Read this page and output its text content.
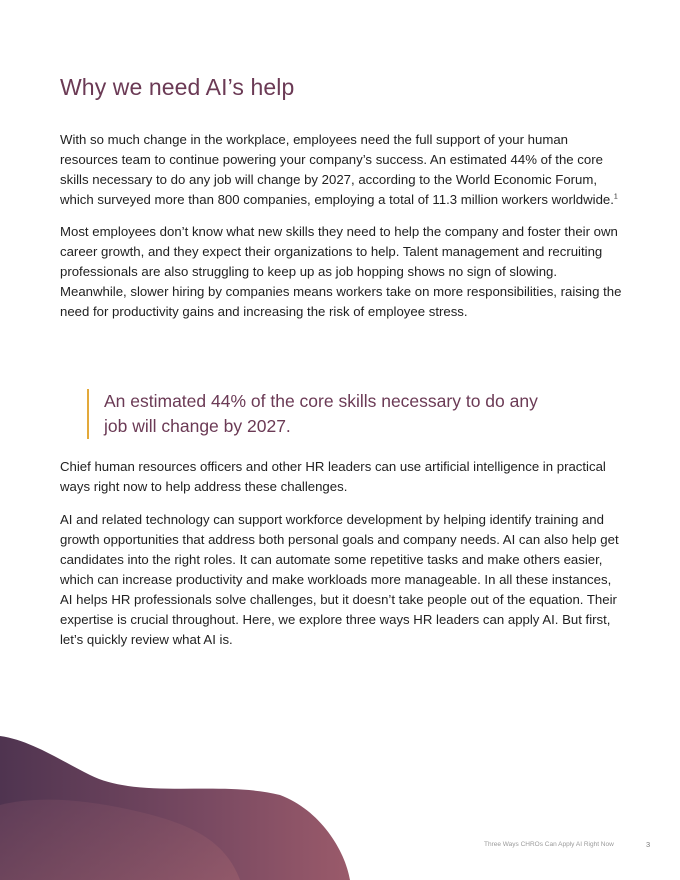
Why we need AI’s help

With so much change in the workplace, employees need the full support of your human resources team to continue powering your company’s success. An estimated 44% of the core skills necessary to do any job will change by 2027, according to the World Economic Forum, which surveyed more than 800 companies, employing a total of 11.3 million workers worldwide.$^1$

Most employees don’t know what new skills they need to help the company and foster their own career growth, and they expect their organizations to help. Talent management and recruiting professionals are also struggling to keep up as job hopping shows no sign of slowing. Meanwhile, slower hiring by companies means workers take on more responsibilities, raising the need for productivity gains and increasing the risk of employee stress.

An estimated 44% of the core skills necessary to do any job will change by 2027.

Chief human resources officers and other HR leaders can use artificial intelligence in practical ways right now to help address these challenges.

AI and related technology can support workforce development by helping identify training and growth opportunities that address both personal goals and company needs. AI can also help get candidates into the right roles. It can automate some repetitive tasks and make others easier, which can increase productivity and make workloads more manageable. In all these instances, AI helps HR professionals solve challenges, but it doesn’t take people out of the equation. Their expertise is crucial throughout. Here, we explore three ways HR leaders can apply AI. But first, let’s quickly review what AI is.

Three Ways CHROs Can Apply AI Right Now	3
